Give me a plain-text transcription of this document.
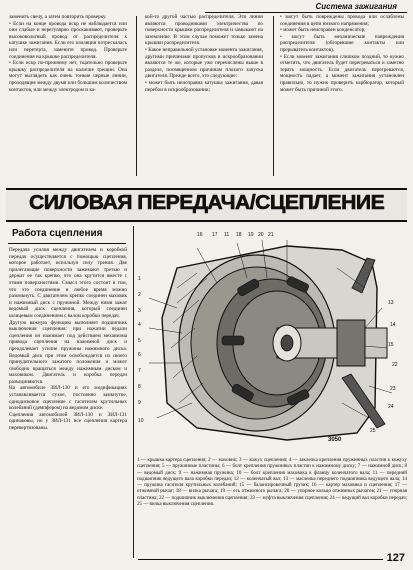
Система зажигания
заменить свечу, а затем повторить проверку.
• Если на конце провода искр не наблюдается или они слабые и нерегулярно проскакивают, проверьте высоковольтный провод от распределителя к катушке зажигания. Если его изоляция потрескалась или перетерта, замените провод. Проверьте соединения на крышке распределителя.
• Если искр по-прежнему нет, тщательно проверьте крышку распределителя на наличие трещин. Она могут выглядеть как очень тонкие черные линии, проходящие между двумя или большим количеством контактов, или между электродом и ка-
кой-то другой частью распределителя. Эти линии являются проводниками электричества по поверхности крышки распределителя и замыкают на заземление. В этом случае поможет только замена крышки распределителя.
• Какое неправильной установке момента зажигания, другими причинами пропусков в искрообразовании являются те же, которые уже перечислены выше в разделе, посвященном причинам плохого запуска двигателя. Прежде всего, это следующие:
• может быть неисправна катушка зажигания, давая перебои в искрообразовании;
• могут быть повреждены провода или ослаблены соединения в цепи низкого напряжения;
• может быть неисправен конденсатор;
• могут быть механические повреждения распределителя (обгоревшие контакты или прерыватель контактов).
• Если момент зажигания слишком поздний, то нужно отметить, что двигатель будет перегреваться и заметно терять мощность. Если двигатель перегревается, мощность падает, а момент зажигания установлен правильно, то нужно проверить карбюратор, который может быть причиной этого.
СИЛОВАЯ ПЕРЕДАЧА/СЦЕПЛЕНИЕ
Работа сцепления
Передача усилия между двигателем и коробкой передач осуществляется с помощью сцепления, которое работает, используя силу трения. Две прилегающие поверхности зажимают третью и держат ее так крепко, что она крутится вместе с этими поверхностями. Смысл этого состоит в том, что это соединение в любое время можно разомкнуть. С двигателем крепко соединен маховик и нажимный диск с пружиной. Между ними зажат ведомый диск сцепления, который соединен шлицевым соединением с валом коробки передач.
Другую важную функцию выполняет подшипник выключения сцепления: при нажатии педали сцепления он нажимает под действием механизма привода сцепления на нажимной диск и преодолевает усилие пружины нажимного диска. Ведомый диск при этом освобождается из своего принудительного зажатого положения и может свободно вращаться между нажимным диском и маховиком. Двигатель и коробка передач разъединяются.
На автомобиле ЗИЛ-130 и его модификациях устанавливается сухое, постоянно замкнутое, однодисковое сцепление с гасителем крутильных колебаний (демпфером) на ведомом диске.
Сцепления автомобилей ЗИЛ-130 и ЗИЛ-131 одинаковы, но у ЗИЛ-131 все сцепления картера перевертизованы.
3050
1 — крышка картера сцепления; 2 — маховик; 3 — кожух сцепления; 4 — заклепка крепления пружинных пластин к кожуху сцепления; 5 — пружинные пластины; 6 — болт крепления пружинных пластин к нажимному диску; 7 — нажимной диск; 8 — ведомый диск; 9 — нажимная пружина; 10 — болт крепления маховика к фланцу коленчатого вала; 11 — передний подшипник ведущего вала коробки передач; 12 — коленчатый вал; 13 — масленка переднего подшипника ведущего вала; 14 — пружина гасителя крутильных колебаний; 15 — балансировочный грузик; 16 — картер маховика и сцепления; 17 — отжимной рычаг; 18 — вилка рычага; 19 — ось отжимного рычага; 20 — упорное кольцо отжимных рычагов; 21 — упорная пластина; 22 — подшипник выключения сцепления; 23 — муфта выключения сцепления; 24 — ведущий вал коробки передач; 25 — вилка выключения сцепления.
127
16 17 11 18 19 20 21
1
2
3
4
5
6
7
8
9
10
13
14
15
22
23
24
25
